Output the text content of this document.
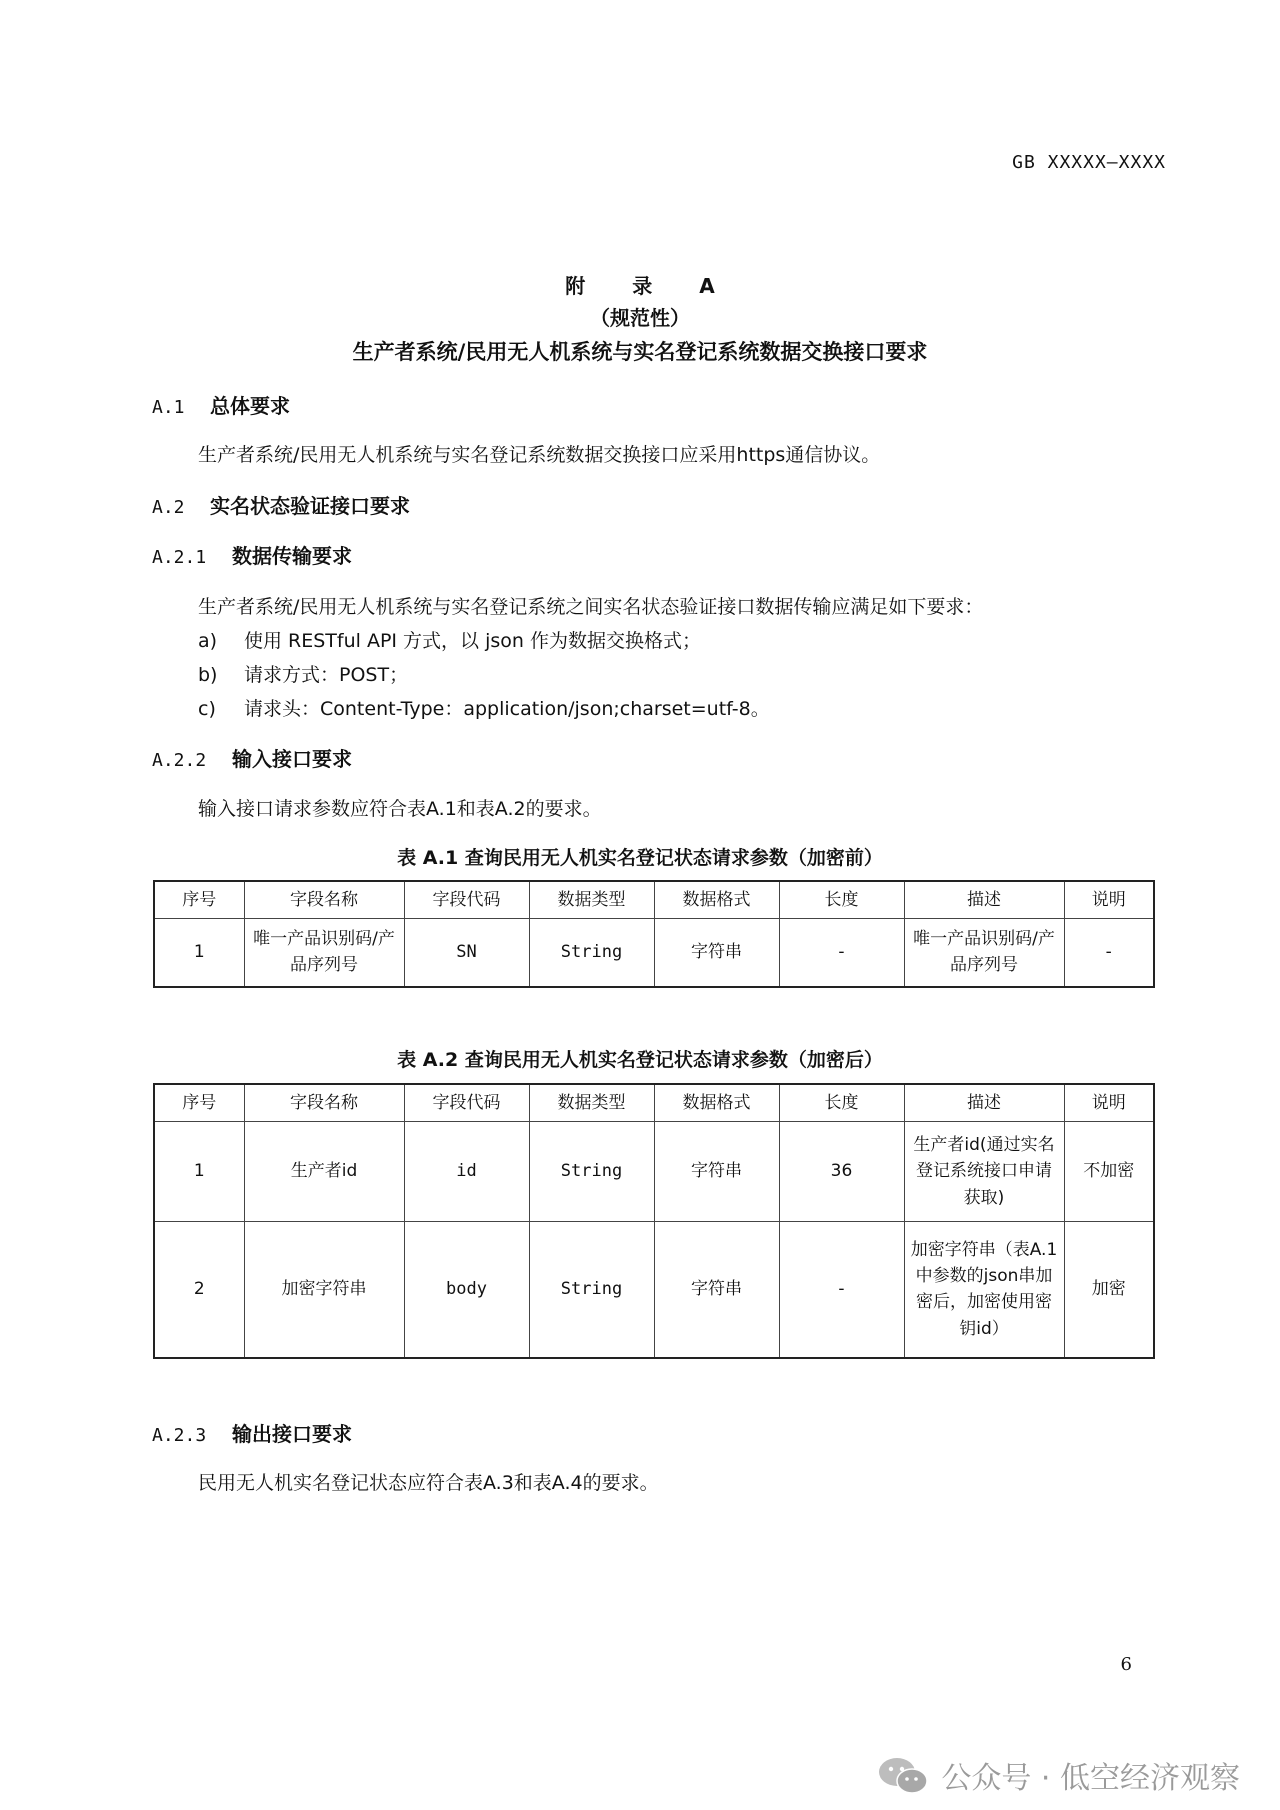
GB XXXXX—XXXX
附 录 A
（规范性）
生产者系统/民用无人机系统与实名登记系统数据交换接口要求
A.1 总体要求
生产者系统/民用无人机系统与实名登记系统数据交换接口应采用https通信协议。
A.2 实名状态验证接口要求
A.2.1 数据传输要求
生产者系统/民用无人机系统与实名登记系统之间实名状态验证接口数据传输应满足如下要求：
a) 使用 RESTful API 方式，以 json 作为数据交换格式；
b) 请求方式：POST；
c) 请求头：Content-Type：application/json;charset=utf-8。
A.2.2 输入接口要求
输入接口请求参数应符合表A.1和表A.2的要求。
表 A.1 查询民用无人机实名登记状态请求参数（加密前）
序号	字段名称	字段代码	数据类型	数据格式	长度	描述	说明
1	唯一产品识别码/产品序列号	SN	String	字符串	-	唯一产品识别码/产品序列号	-
表 A.2 查询民用无人机实名登记状态请求参数（加密后）
序号	字段名称	字段代码	数据类型	数据格式	长度	描述	说明
1	生产者id	id	String	字符串	36	生产者id(通过实名登记系统接口申请获取)	不加密
2	加密字符串	body	String	字符串	-	加密字符串（表A.1中参数的json串加密后，加密使用密钥id）	加密
A.2.3 输出接口要求
民用无人机实名登记状态应符合表A.3和表A.4的要求。
6
公众号 · 低空经济观察
